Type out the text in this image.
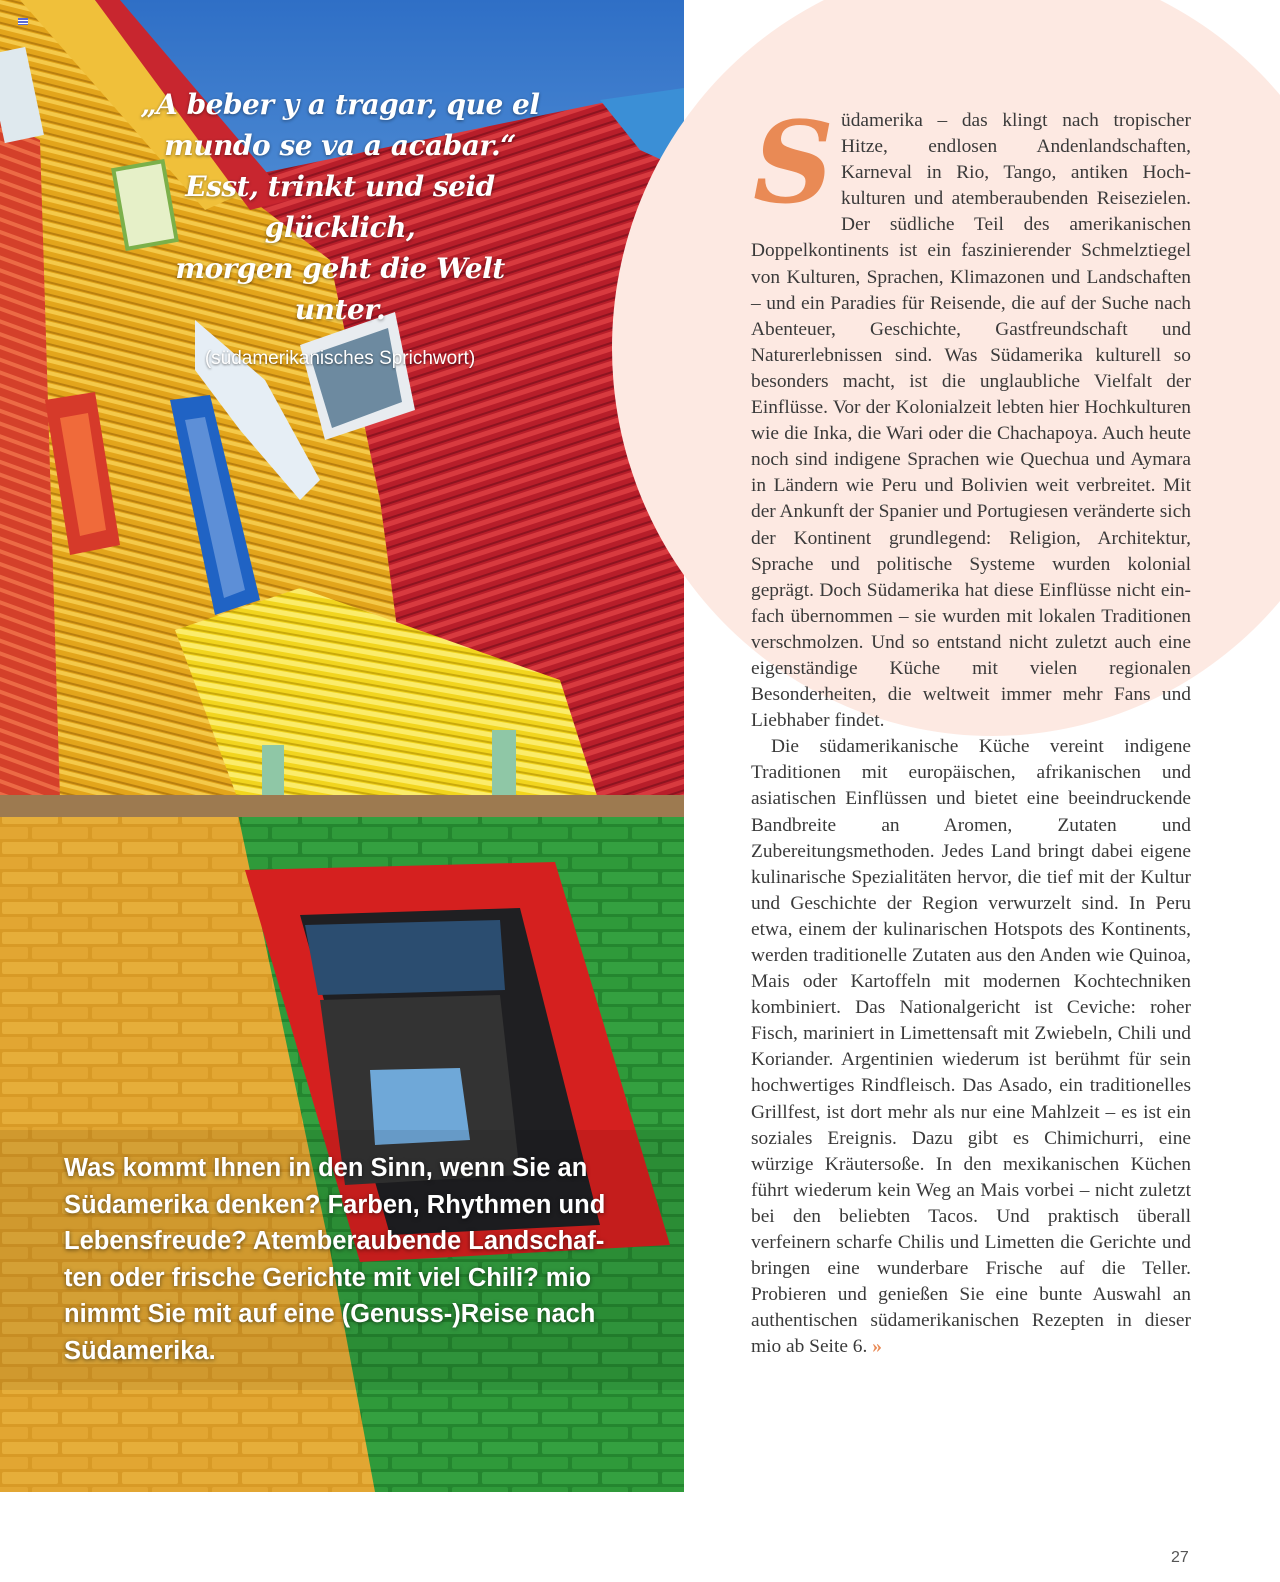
„A beber y a tragar, que el
mundo se va a acabar.“
Esst, trinkt und seid glücklich,
morgen geht die Welt unter.
(südamerikanisches Sprichwort)
Was kommt Ihnen in den Sinn, wenn Sie an Südamerika denken? Farben, Rhythmen und Lebensfreude? Atemberaubende Landschaften oder frische Gerichte mit viel Chili? mio nimmt Sie mit auf eine (Genuss-)Reise nach Südamerika.
S üdamerika – das klingt nach tropischer Hitze, endlosen Andenlandschaften, Karneval in Rio, Tango, antiken Hochkulturen und atemberaubenden Reisezielen. Der südliche Teil des amerikanischen Doppelkontinents ist ein faszinierender Schmelztiegel von Kulturen, Sprachen, Klimazonen und Landschaften – und ein Paradies für Reisende, die auf der Suche nach Abenteuer, Geschichte, Gastfreundschaft und Naturerlebnissen sind. Was Südamerika kulturell so besonders macht, ist die unglaubliche Vielfalt der Einflüsse. Vor der Kolonialzeit lebten hier Hochkulturen wie die Inka, die Wari oder die Chachapoya. Auch heute noch sind indigene Sprachen wie Quechua und Aymara in Ländern wie Peru und Bolivien weit verbreitet. Mit der Ankunft der Spanier und Portugiesen veränderte sich der Kontinent grundlegend: Religion, Architektur, Sprache und politische Systeme wurden kolonial geprägt. Doch Südamerika hat diese Einflüsse nicht einfach übernommen – sie wurden mit lokalen Traditionen verschmolzen. Und so entstand nicht zuletzt auch eine eigenständige Küche mit vielen regionalen Besonderheiten, die weltweit immer mehr Fans und Liebhaber findet.

Die südamerikanische Küche vereint indigene Traditionen mit europäischen, afrikanischen und asiatischen Einflüssen und bietet eine beeindruckende Bandbreite an Aromen, Zutaten und Zubereitungsmethoden. Jedes Land bringt dabei eigene kulinarische Spezialitäten hervor, die tief mit der Kultur und Geschichte der Region verwurzelt sind. In Peru etwa, einem der kulinarischen Hotspots des Kontinents, werden traditionelle Zutaten aus den Anden wie Quinoa, Mais oder Kartoffeln mit modernen Kochtechniken kombiniert. Das Nationalgericht ist Ceviche: roher Fisch, mariniert in Limettensaft mit Zwiebeln, Chili und Koriander. Argentinien wiederum ist berühmt für sein hochwertiges Rindfleisch. Das Asado, ein traditionelles Grillfest, ist dort mehr als nur eine Mahlzeit – es ist ein soziales Ereignis. Dazu gibt es Chimichurri, eine würzige Kräutersoße. In den mexikanischen Küchen führt wiederum kein Weg an Mais vorbei – nicht zuletzt bei den beliebten Tacos. Und praktisch überall verfeinern scharfe Chilis und Limetten die Gerichte und bringen eine wunderbare Frische auf die Teller. Probieren und genießen Sie eine bunte Auswahl an authentischen südamerikanischen Rezepten in dieser mio ab Seite 6. »

27
